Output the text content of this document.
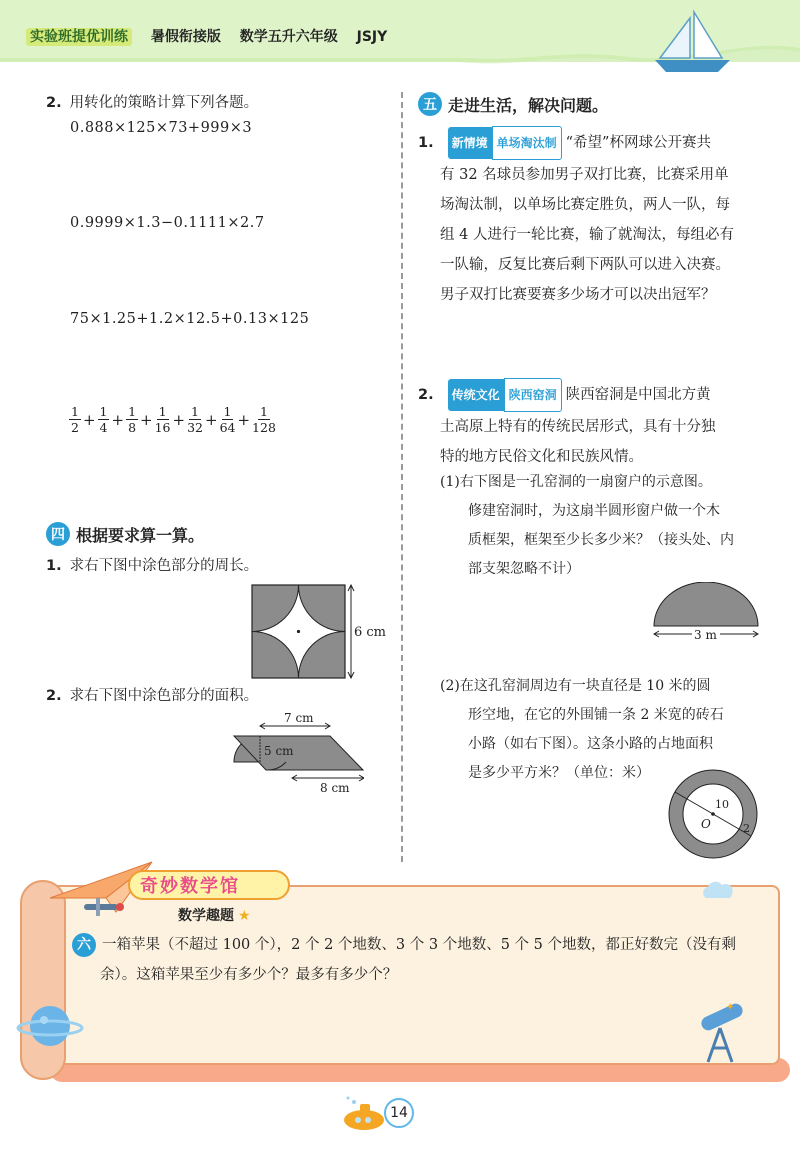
实验班提优训练 暑假衔接版 数学五升六年级 JSJY
2. 用转化的策略计算下列各题。
0.888×125×73+999×3
0.9999×1.3−0.1111×2.7
75×1.25+1.2×12.5+0.13×125
$\frac{1}{2} + \frac{1}{4} + \frac{1}{8} + \frac{1}{16} + \frac{1}{32} + \frac{1}{64} + \frac{1}{128}$
四 根据要求算一算。
1. 求右下图中涂色部分的周长。
6 cm
2. 求右下图中涂色部分的面积。
7 cm
5 cm
8 cm
五 走进生活，解决问题。
1. 新情境 单场淘汰制 “希望”杯网球公开赛共
有 32 名球员参加男子双打比赛，比赛采用单
场淘汰制，以单场比赛定胜负，两人一队，每
组 4 人进行一轮比赛，输了就淘汰，每组必有
一队输，反复比赛后剩下两队可以进入决赛。
男子双打比赛要赛多少场才可以决出冠军？
2. 传统文化 陕西窑洞 陕西窑洞是中国北方黄
土高原上特有的传统民居形式，具有十分独
特的地方民俗文化和民族风情。
(1)右下图是一孔窑洞的一扇窗户的示意图。
修建窑洞时，为这扇半圆形窗户做一个木
质框架，框架至少长多少米？（接头处、内
部支架忽略不计）
3 m
(2)在这孔窑洞周边有一块直径是 10 米的圆
形空地，在它的外围铺一条 2 米宽的砖石
小路（如右下图）。这条小路的占地面积
是多少平方米？（单位：米）
10
O	2
奇妙数学馆
数学趣题 ★
六 一箱苹果（不超过 100 个），2 个 2 个地数、3 个 3 个地数、5 个 5 个地数，都正好数完（没有剩
余）。这箱苹果至少有多少个？最多有多少个？
✦
14
